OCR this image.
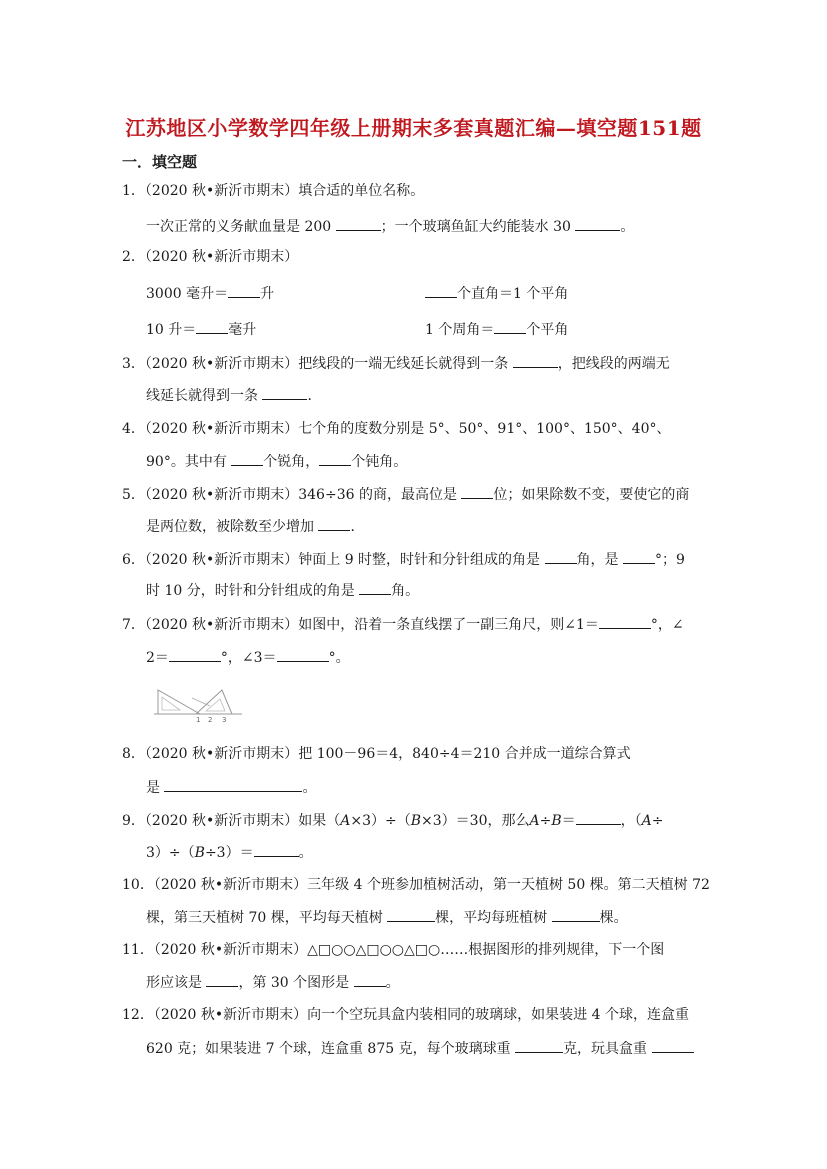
江苏地区小学数学四年级上册期末多套真题汇编—填空题151题
一．填空题
1．（2020 秋•新沂市期末）填合适的单位名称。
一次正常的义务献血量是 200	；一个玻璃鱼缸大约能装水 30	。
2．（2020 秋•新沂市期末）
3000 毫升＝ 升	个直角＝1 个平角
10 升＝ 毫升	1 个周角＝ 个平角
3．（2020 秋•新沂市期末）把线段的一端无线延长就得到一条	，把线段的两端无
线延长就得到一条	．
4．（2020 秋•新沂市期末）七个角的度数分别是 5°、50°、91°、100°、150°、40°、
90°。其中有 个锐角， 个钝角。
5．（2020 秋•新沂市期末）346÷36 的商，最高位是 位；如果除数不变，要使它的商
是两位数，被除数至少增加 ．
6．（2020 秋•新沂市期末）钟面上 9 时整，时针和分针组成的角是 角，是 °；9
时 10 分，时针和分针组成的角是 角。
7．（2020 秋•新沂市期末）如图中，沿着一条直线摆了一副三角尺，则∠1＝	°，∠
2＝	°，∠3＝	°。
1 2 3
8．（2020 秋•新沂市期末）把 100－96＝4，840÷4＝210 合并成一道综合算式
是	。
9．（2020 秋•新沂市期末）如果（A×3）÷（B×3）＝30，那么A÷B＝	，（A÷
3）÷（B÷3）＝	。
10．（2020 秋•新沂市期末）三年级 4 个班参加植树活动，第一天植树 50 棵。第二天植树 72
棵，第三天植树 70 棵，平均每天植树	棵，平均每班植树	棵。
11．（2020 秋•新沂市期末）△□○○△□○○△□○……根据图形的排列规律，下一个图
形应该是 ，第 30 个图形是 。
12．（2020 秋•新沂市期末）向一个空玩具盒内装相同的玻璃球，如果装进 4 个球，连盒重
620 克；如果装进 7 个球，连盒重 875 克，每个玻璃球重	克，玩具盒重
